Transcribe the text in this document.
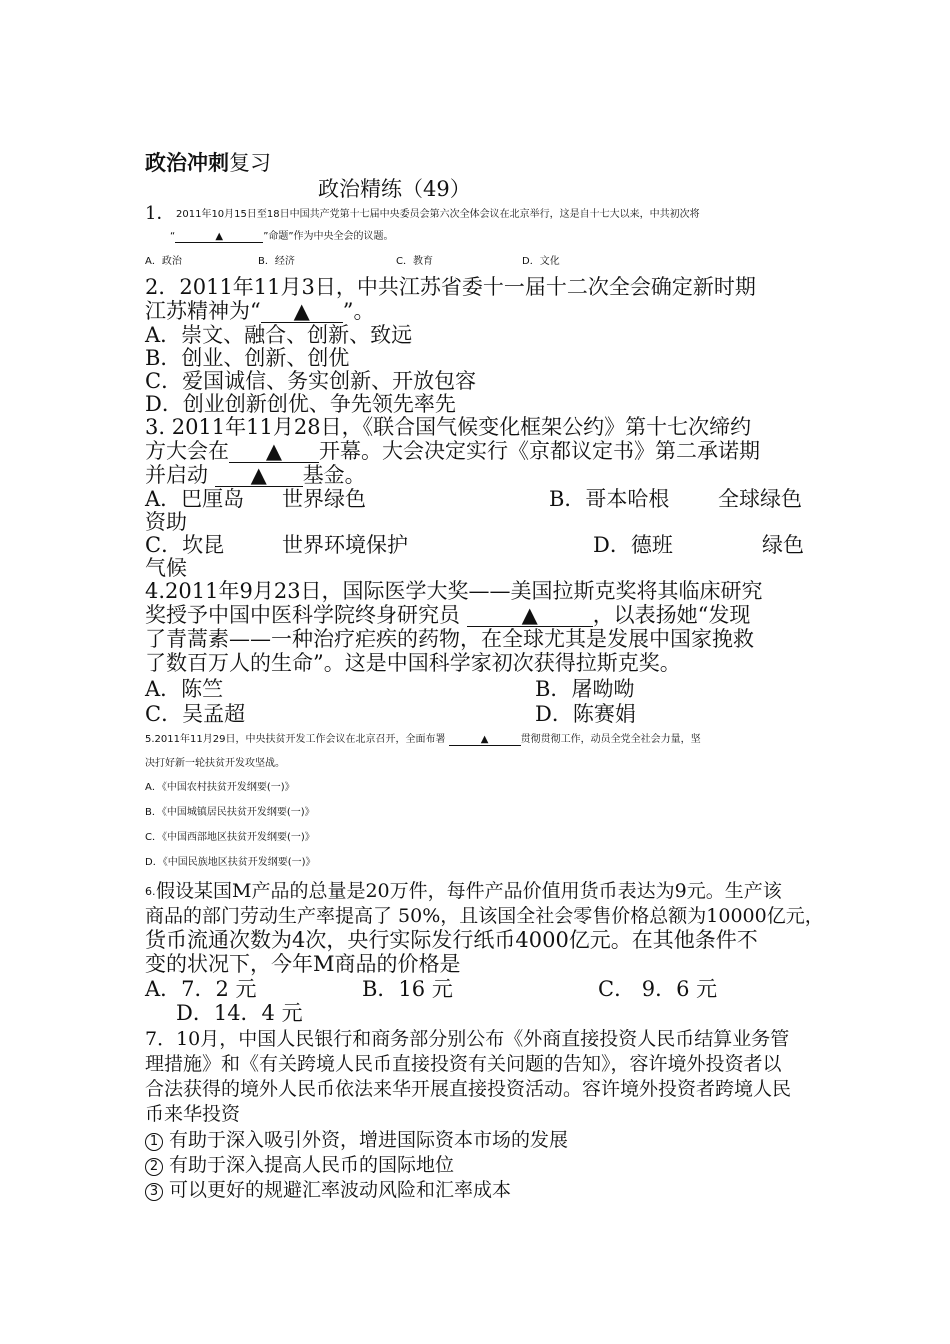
政治冲刺复习
政治精练（49）
1． 2011年10月15日至18日中国共产党第十七届中央委员会第六次全体会议在北京举行，这是自十七大以来，中共初次将
“	▲	”命题”作为中央全会的议题。
A．政治	B．经济	C．教育	D．文化
2．2011年11月3日，中共江苏省委十一届十二次全会确定新时期
江苏精神为“ ▲ ”。
A．崇文、融合、创新、致远
B．创业、创新、创优
C．爱国诚信、务实创新、开放包容
D．创业创新创优、争先领先率先
3. 2011年11月28日，《联合国气候变化框架公约》第十七次缔约
方大会在 ▲ 开幕。大会决定实行《京都议定书》第二承诺期
并启动 ▲ 基金。
A．巴厘岛 世界绿色	B．哥本哈根 全球绿色
资助
C．坎昆	世界环境保护	D．德班	绿色
气候
4.2011年9月23日，国际医学大奖——美国拉斯克奖将其临床研究
奖授予中国中医科学院终身研究员	▲	，以表扬她“发现
了青蒿素——一种治疗疟疾的药物，在全球尤其是发展中国家挽救
了数百万人的生命”。这是中国科学家初次获得拉斯克奖。
A．陈竺	B．屠呦呦
C．吴孟超	D．陈赛娟
5.2011年11月29日，中央扶贫开发工作会议在北京召开，全面布署	▲	贯彻贯彻工作，动员全党全社会力量，坚
决打好新一轮扶贫开发攻坚战。
A．《中国农村扶贫开发纲要(一)》
B．《中国城镇居民扶贫开发纲要(一)》
C．《中国西部地区扶贫开发纲要(一)》
D．《中国民族地区扶贫开发纲要(一)》
6. 假设某国M产品的总量是20万件，每件产品价值用货币表达为9元。生产该
商品的部门劳动生产率提高了 50%，且该国全社会零售价格总额为10000亿元，
货币流通次数为4次，央行实际发行纸币4000亿元。在其他条件不
变的状况下，今年M商品的价格是
A．7．2 元	B．16 元	C． 9．6 元
D．14．4 元
7．10月，中国人民银行和商务部分别公布《外商直接投资人民币结算业务管
理措施》和《有关跨境人民币直接投资有关问题的告知》，容许境外投资者以
合法获得的境外人民币依法来华开展直接投资活动。容许境外投资者跨境人民
币来华投资
1 有助于深入吸引外资，增进国际资本市场的发展
2 有助于深入提高人民币的国际地位
3 可以更好的规避汇率波动风险和汇率成本
